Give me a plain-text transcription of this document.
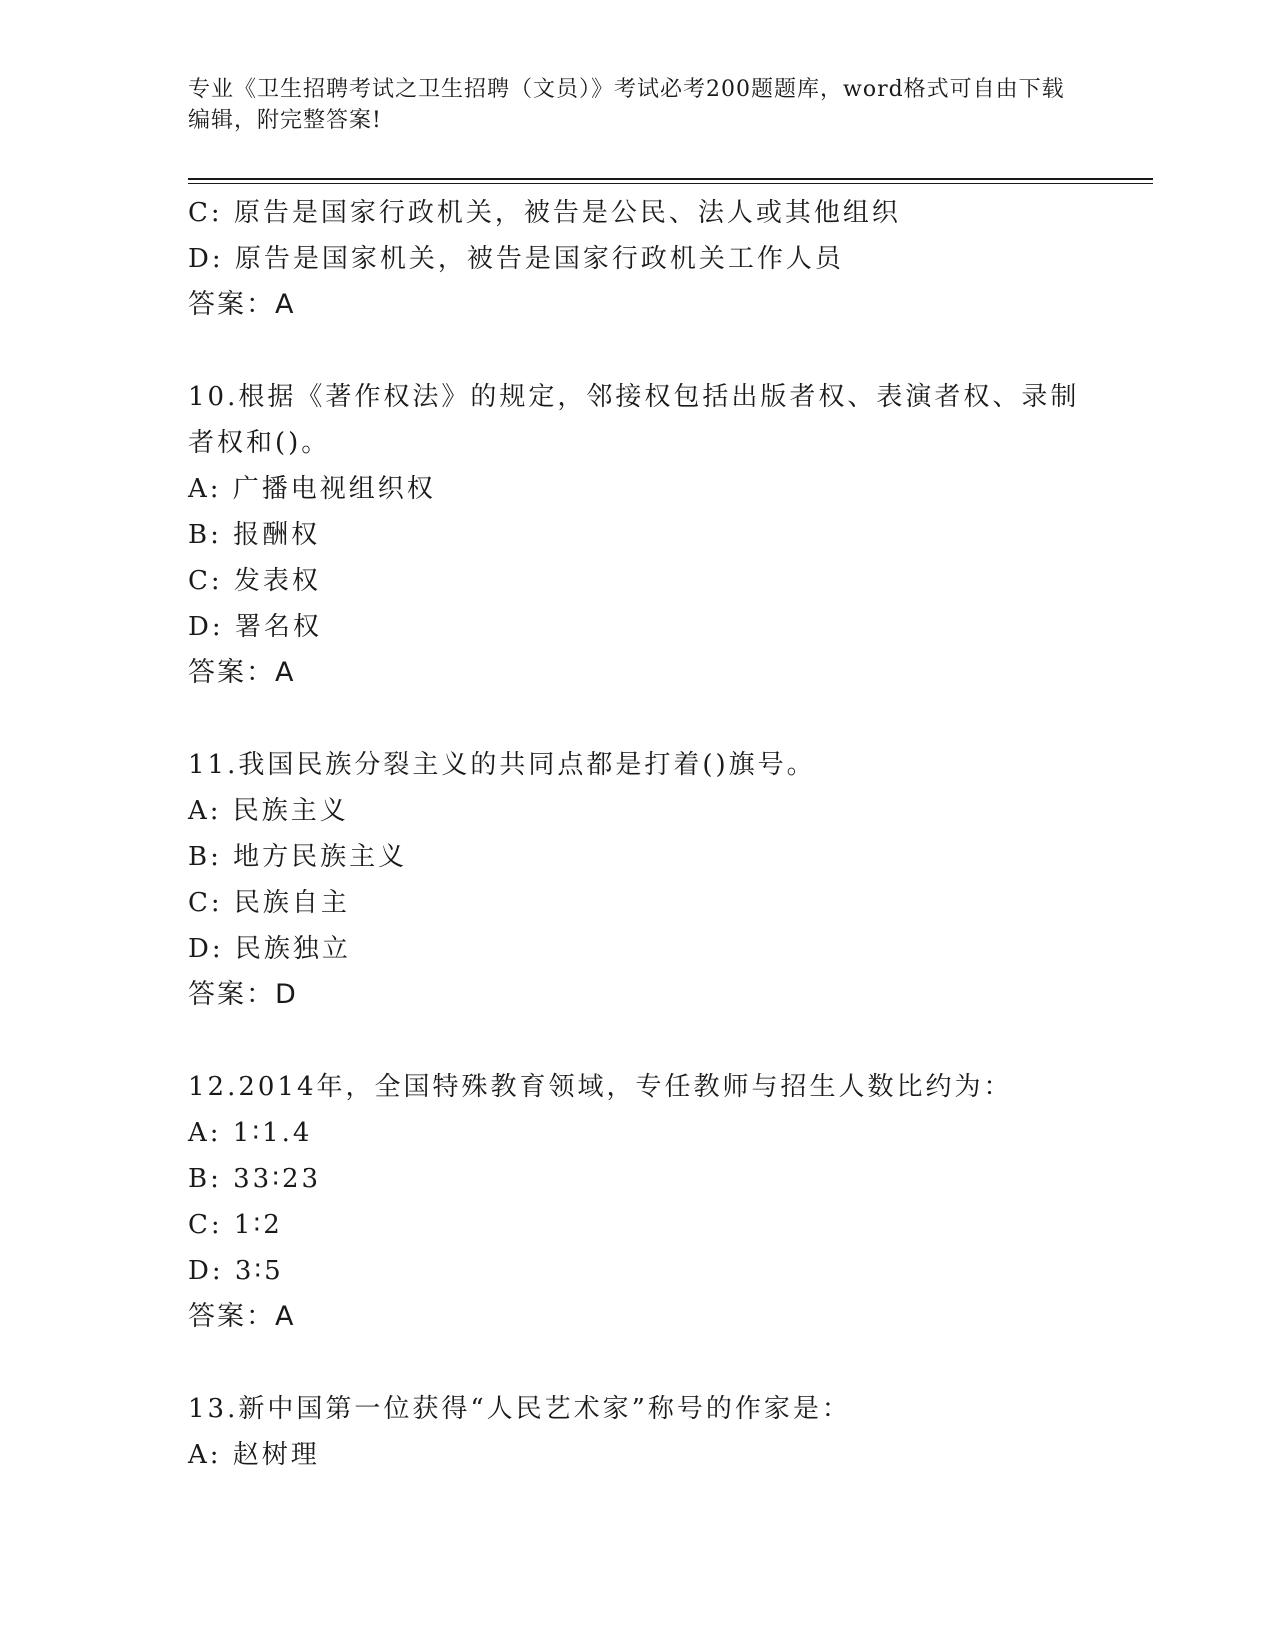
专业《卫生招聘考试之卫生招聘（文员）》考试必考200题题库，word格式可自由下载编辑，附完整答案!
C: 原告是国家行政机关，被告是公民、法人或其他组织
D: 原告是国家机关，被告是国家行政机关工作人员
答案：A
10.根据《著作权法》的规定，邻接权包括出版者权、表演者权、录制者权和()。
A: 广播电视组织权
B: 报酬权
C: 发表权
D: 署名权
答案：A
11.我国民族分裂主义的共同点都是打着()旗号。
A: 民族主义
B: 地方民族主义
C: 民族自主
D: 民族独立
答案：D
12.2014年，全国特殊教育领域，专任教师与招生人数比约为：
A: 1∶1.4
B: 33∶23
C: 1∶2
D: 3∶5
答案：A
13.新中国第一位获得“人民艺术家”称号的作家是：
A: 赵树理
